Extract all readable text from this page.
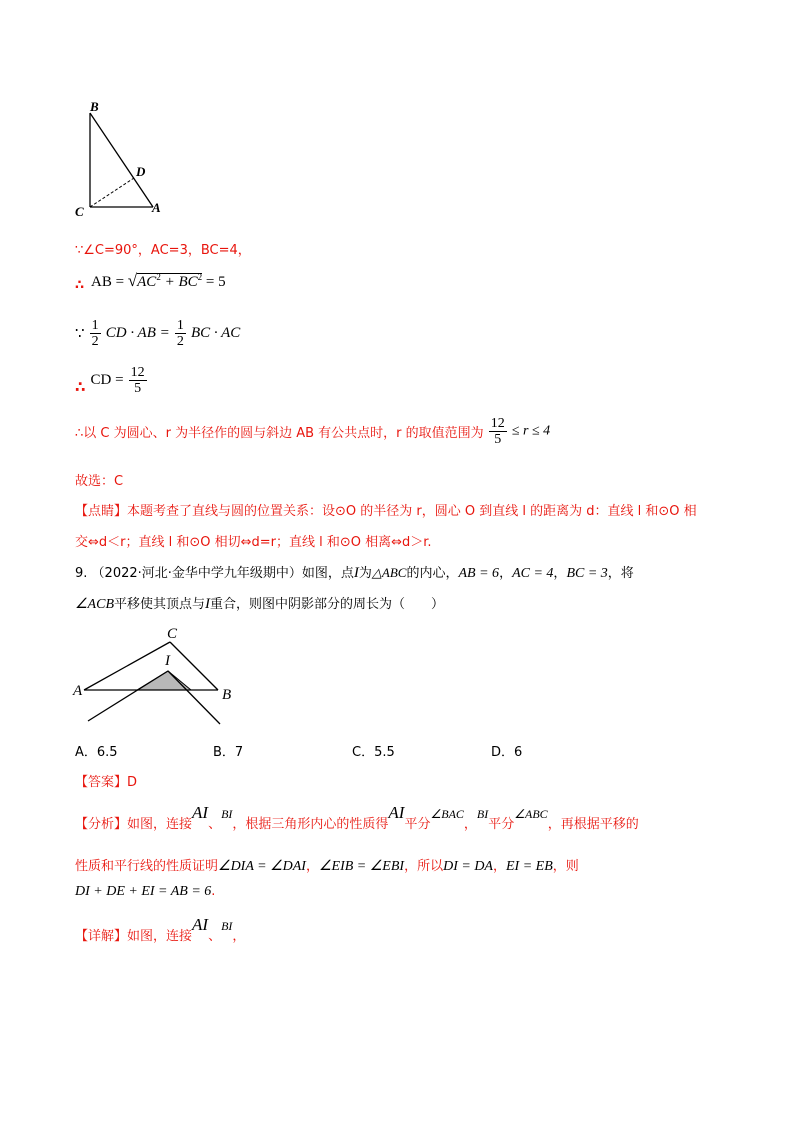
B
D
C	A
∵∠C=90°，AC=3，BC=4，
∴ AB = $√AC^2 + BC^2 = 5$
∵ $\frac{1}{2}$ CD · AB = $\frac{1}{2}$ BC · AC
∴ CD = $\frac{12}{5}$
∴以 C 为圆心、r 为半径作的圆与斜边 AB 有公共点时，r 的取值范围为 $\frac{12}{5} \le r \le 4$
故选：C
【点睛】本题考查了直线与圆的位置关系：设⊙O 的半径为 r，圆心 O 到直线 l 的距离为 d：直线 l 和⊙O 相
交⇔d＜r；直线 l 和⊙O 相切⇔d=r；直线 l 和⊙O 相离⇔d＞r.
9. （2022·河北·金华中学九年级期中）如图，点I为△ABC的内心，AB = 6，AC = 4，BC = 3，将
∠ACB平移使其顶点与I重合，则图中阴影部分的周长为（　　）
C
I
A	B
A．6.5	B．7	C．5.5	D．6
【答案】D
【分析】如图，连接AI、BI，根据三角形内心的性质得AI平分∠BAC，BI平分∠ABC，再根据平移的
性质和平行线的性质证明∠DIA = ∠DAI，∠EIB = ∠EBI，所以DI = DA，EI = EB，则
DI + DE + EI = AB = 6.
【详解】如图，连接AI、BI，
